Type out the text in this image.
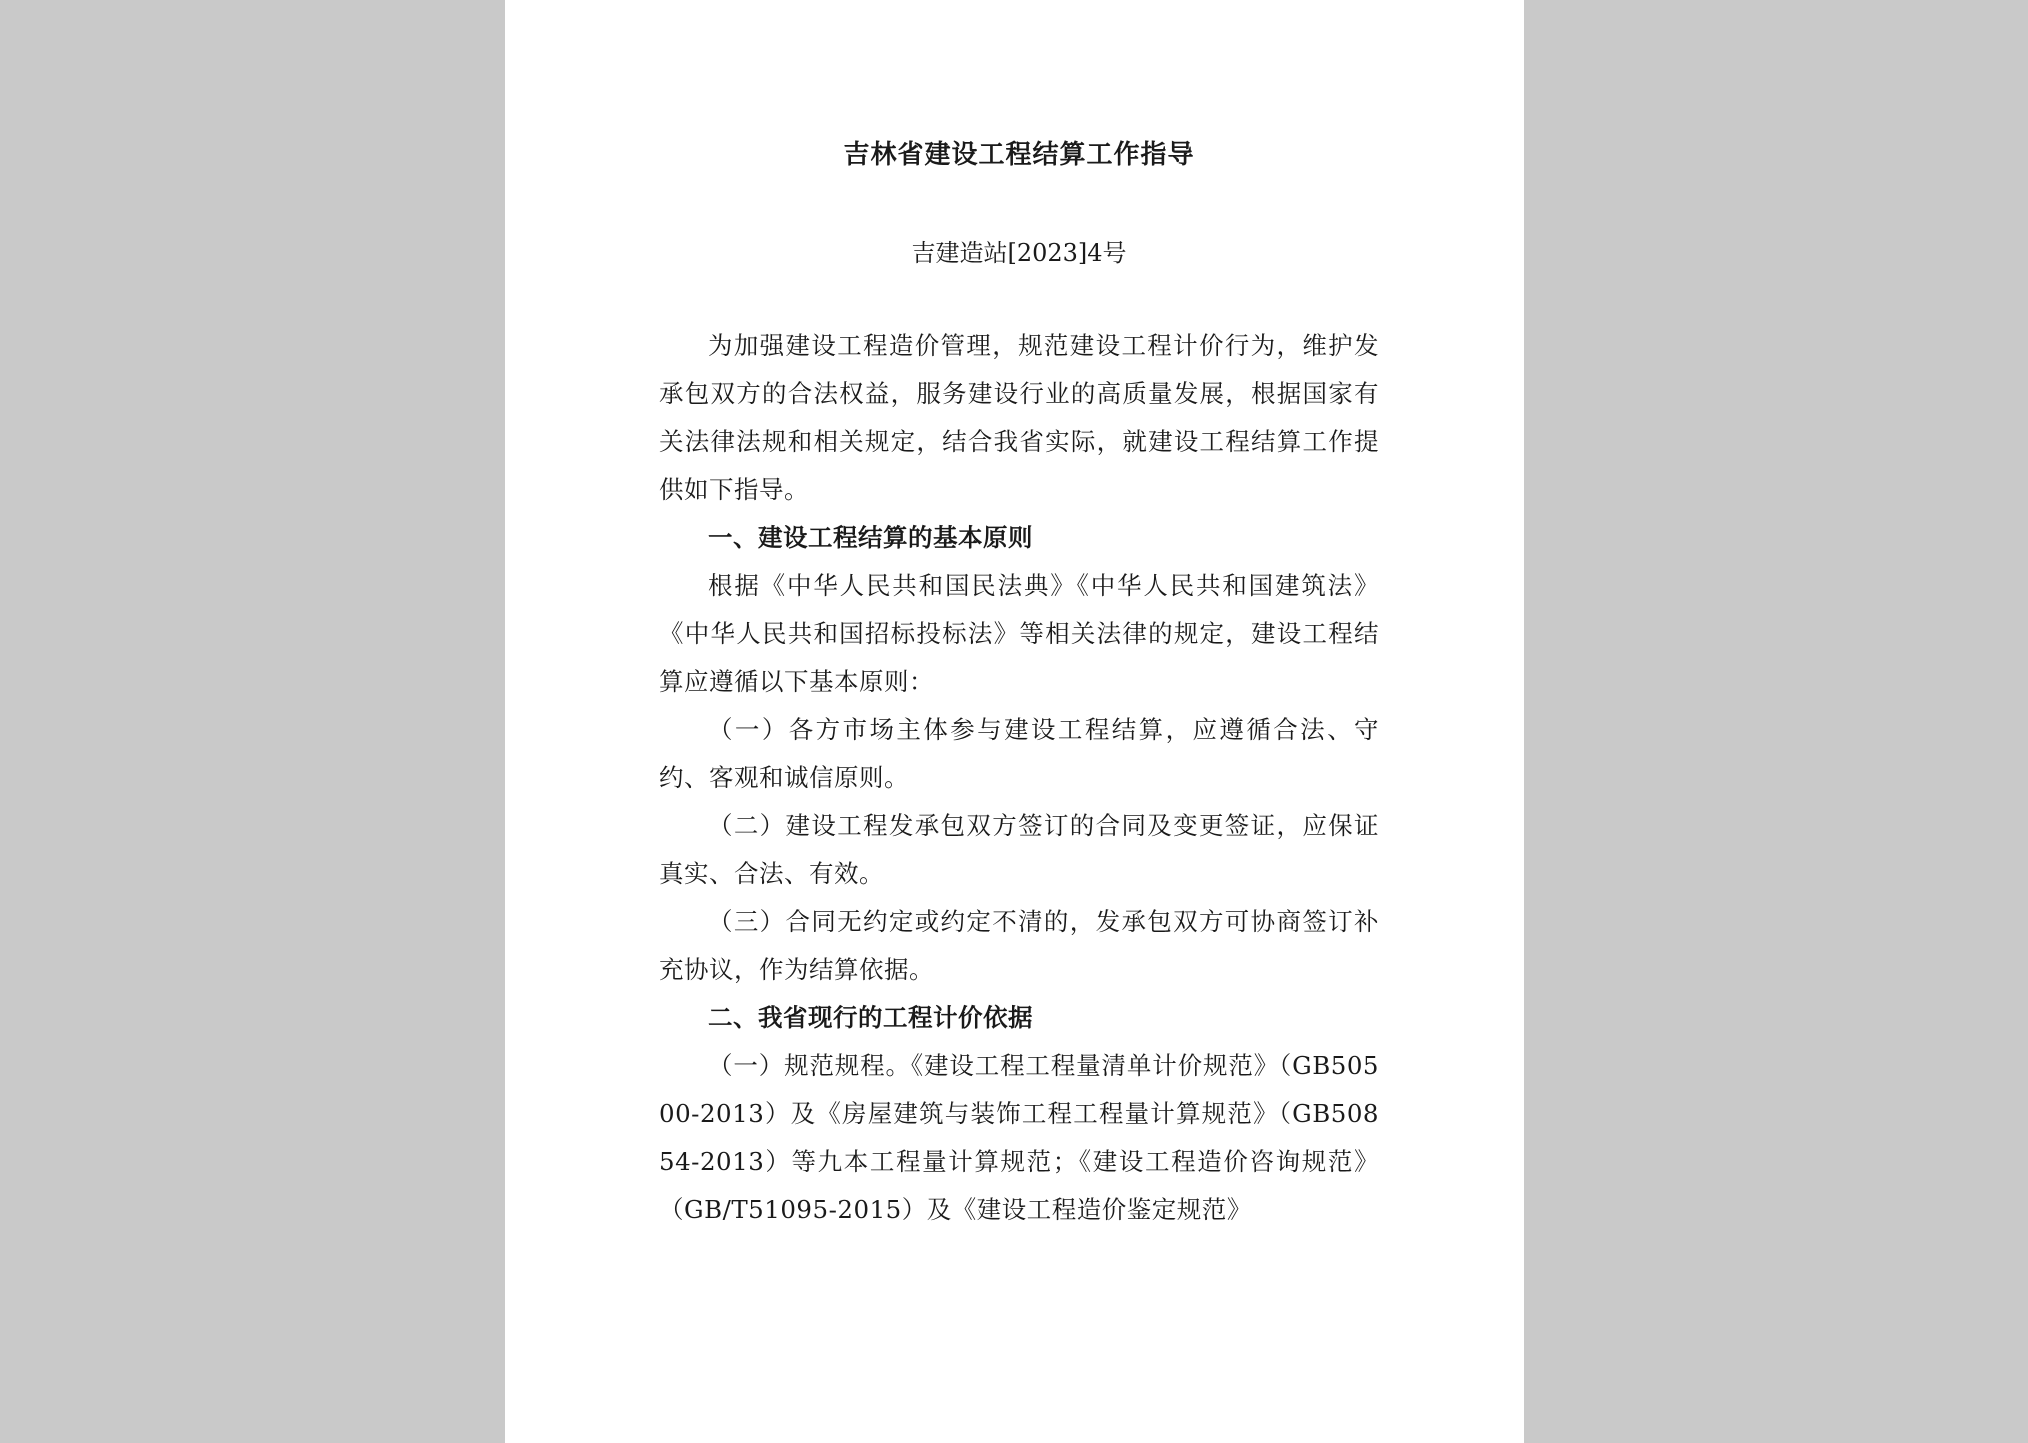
吉林省建设工程结算工作指导
吉建造站[2023]4号

为加强建设工程造价管理，规范建设工程计价行为，维护发承包双方的合法权益，服务建设行业的高质量发展，根据国家有关法律法规和相关规定，结合我省实际，就建设工程结算工作提供如下指导。

一、建设工程结算的基本原则

根据《中华人民共和国民法典》《中华人民共和国建筑法》《中华人民共和国招标投标法》等相关法律的规定，建设工程结算应遵循以下基本原则：

（一）各方市场主体参与建设工程结算，应遵循合法、守约、客观和诚信原则。

（二）建设工程发承包双方签订的合同及变更签证，应保证真实、合法、有效。

（三）合同无约定或约定不清的，发承包双方可协商签订补充协议，作为结算依据。

二、我省现行的工程计价依据

（一）规范规程。《建设工程工程量清单计价规范》（GB50500-2013）及《房屋建筑与装饰工程工程量计算规范》（GB50854-2013）等九本工程量计算规范；《建设工程造价咨询规范》（GB/T51095-2015）及《建设工程造价鉴定规范》
